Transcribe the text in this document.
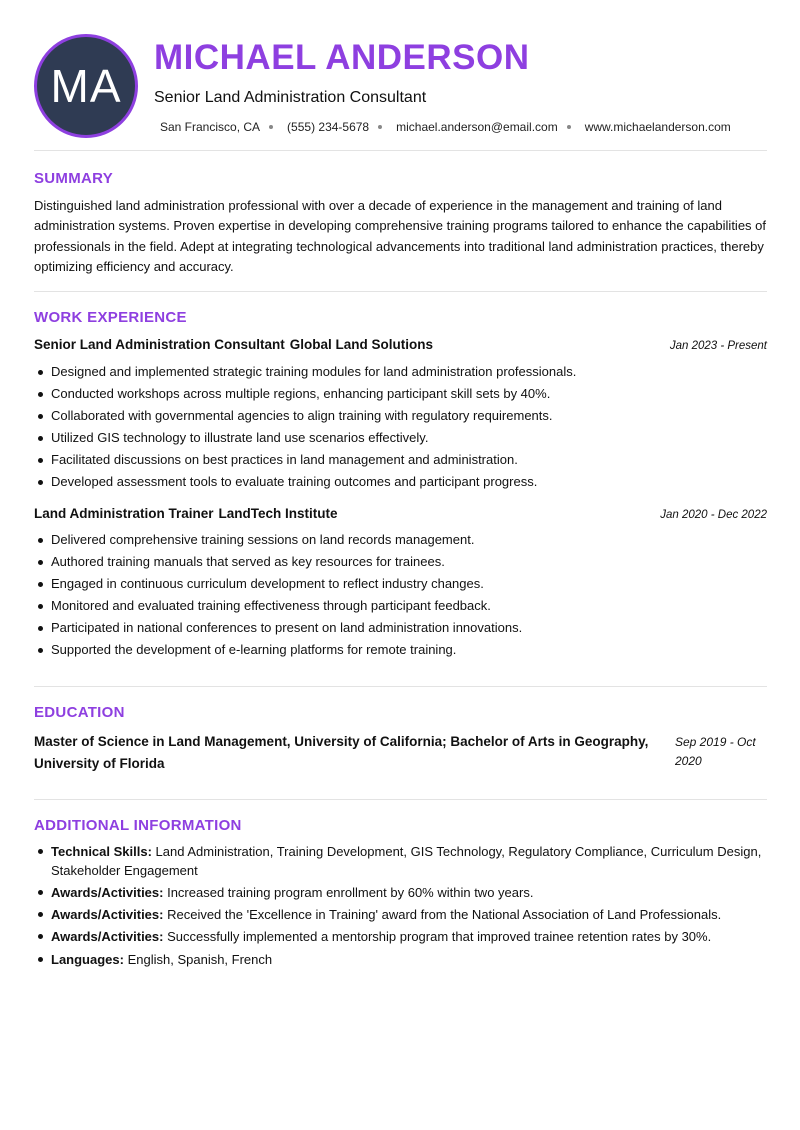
MA
MICHAEL ANDERSON
Senior Land Administration Consultant
San Francisco, CA (555) 234-5678 michael.anderson@email.com www.michaelanderson.com
SUMMARY
Distinguished land administration professional with over a decade of experience in the management and training of land administration systems. Proven expertise in developing comprehensive training programs tailored to enhance the capabilities of professionals in the field. Adept at integrating technological advancements into traditional land administration practices, thereby optimizing efficiency and accuracy.
WORK EXPERIENCE
Senior Land Administration Consultant Global Land Solutions	Jan 2023 - Present
Designed and implemented strategic training modules for land administration professionals.
Conducted workshops across multiple regions, enhancing participant skill sets by 40%.
Collaborated with governmental agencies to align training with regulatory requirements.
Utilized GIS technology to illustrate land use scenarios effectively.
Facilitated discussions on best practices in land management and administration.
Developed assessment tools to evaluate training outcomes and participant progress.
Land Administration Trainer LandTech Institute	Jan 2020 - Dec 2022
Delivered comprehensive training sessions on land records management.
Authored training manuals that served as key resources for trainees.
Engaged in continuous curriculum development to reflect industry changes.
Monitored and evaluated training effectiveness through participant feedback.
Participated in national conferences to present on land administration innovations.
Supported the development of e-learning platforms for remote training.
EDUCATION
Master of Science in Land Management, University of California; Bachelor of Arts in Geography, University of Florida
Sep 2019 - Oct 2020
ADDITIONAL INFORMATION
Technical Skills: Land Administration, Training Development, GIS Technology, Regulatory Compliance, Curriculum Design, Stakeholder Engagement
Awards/Activities: Increased training program enrollment by 60% within two years.
Awards/Activities: Received the 'Excellence in Training' award from the National Association of Land Professionals.
Awards/Activities: Successfully implemented a mentorship program that improved trainee retention rates by 30%.
Languages: English, Spanish, French
